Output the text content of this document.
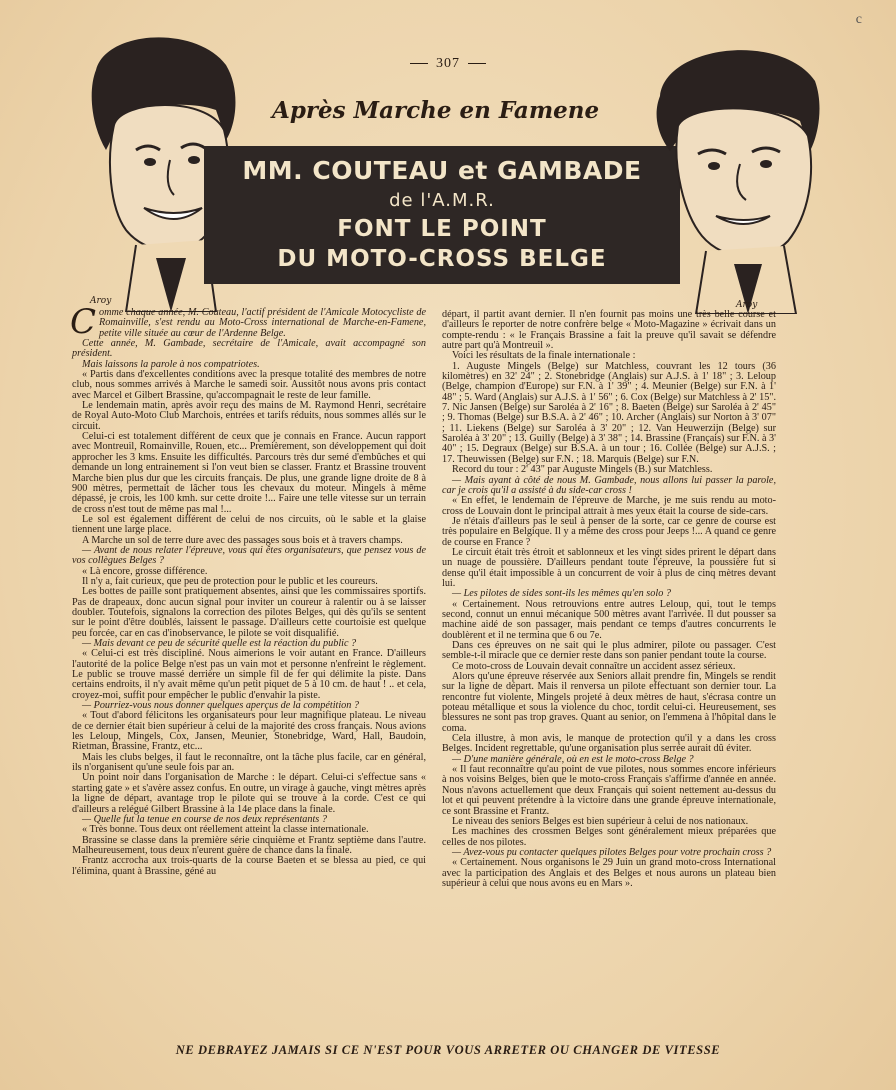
c
307
Aroy
Après Marche en Famene
MM. COUTEAU et GAMBADE
de l'A.M.R.
FONT LE POINT
DU MOTO-CROSS BELGE
Aroy

Comme chaque année, M. Couteau, l'actif président de l'Amicale Motocycliste de Romainville, s'est rendu au Moto-Cross international de Marche-en-Famene, petite ville située au cœur de l'Ardenne Belge.

Cette année, M. Gambade, secrétaire de l'Amicale, avait accompagné son président.

Mais laissons la parole à nos compatriotes.

« Partis dans d'excellentes conditions avec la presque totalité des membres de notre club, nous sommes arrivés à Marche le samedi soir. Aussitôt nous avons pris contact avec Marcel et Gilbert Brassine, qu'accompagnait le reste de leur famille.

Le lendemain matin, après avoir reçu des mains de M. Raymond Henri, secrétaire de Royal Auto-Moto Club Marchois, entrées et tarifs réduits, nous sommes allés sur le circuit.

Celui-ci est totalement différent de ceux que je connais en France. Aucun rapport avec Montreuil, Romainville, Rouen, etc... Premièrement, son développement qui doit approcher les 3 kms. Ensuite les difficultés. Parcours très dur semé d'embûches et qui demande un long entrainement si l'on veut bien se classer. Frantz et Brassine trouvent Marche bien plus dur que les circuits français. De plus, une grande ligne droite de 8 à 900 mètres, permettait de lâcher tous les chevaux du moteur. Mingels à même dépassé, je crois, les 100 kmh. sur cette droite !... Faire une telle vitesse sur un terrain de cross n'est tout de même pas mal !...

Le sol est également différent de celui de nos circuits, où le sable et la glaise tiennent une large place.

A Marche un sol de terre dure avec des passages sous bois et à travers champs.

— Avant de nous relater l'épreuve, vous qui êtes organisateurs, que pensez vous de vos collègues Belges ?

« Là encore, grosse différence.

Il n'y a, fait curieux, que peu de protection pour le public et les coureurs.

Les bottes de paille sont pratiquement absentes, ainsi que les commissaires sportifs. Pas de drapeaux, donc aucun signal pour inviter un coureur à ralentir ou à se laisser doubler. Toutefois, signalons la correction des pilotes Belges, qui dès qu'ils se sentent sur le point d'être doublés, laissent le passage. D'ailleurs cette courtoisie est quelque peu forcée, car en cas d'inobservance, le pilote se voit disqualifié.

— Mais devant ce peu de sécurité quelle est la réaction du public ?

« Celui-ci est très discipliné. Nous aimerions le voir autant en France. D'ailleurs l'autorité de la police Belge n'est pas un vain mot et personne n'enfreint le règlement. Le public se trouve massé derrière un simple fil de fer qui délimite la piste. Dans certains endroits, il n'y avait même qu'un petit piquet de 5 à 10 cm. de haut ! .. et cela, croyez-moi, suffit pour empêcher le public d'envahir la piste.

— Pourriez-vous nous donner quelques aperçus de la compétition ?

« Tout d'abord félicitons les organisateurs pour leur magnifique plateau. Le niveau de ce dernier était bien supérieur à celui de la majorité des cross français. Nous avions les Leloup, Mingels, Cox, Jansen, Meunier, Stonebridge, Ward, Hall, Baudoin, Rietman, Brassine, Frantz, etc...

Mais les clubs belges, il faut le reconnaître, ont la tâche plus facile, car en général, ils n'organisent qu'une seule fois par an.

Un point noir dans l'organisation de Marche : le départ. Celui-ci s'effectue sans « starting gate » et s'avère assez confus. En outre, un virage à gauche, vingt mètres après la ligne de départ, avantage trop le pilote qui se trouve à la corde. C'est ce qui d'ailleurs a relégué Gilbert Brassine à la 14e place dans la finale.

— Quelle fut la tenue en course de nos deux représentants ?

« Très bonne. Tous deux ont réellement atteint la classe internationale.

Brassine se classe dans la première série cinquième et Frantz septième dans l'autre. Malheureusement, tous deux n'eurent guère de chance dans la finale.

Frantz accrocha aux trois-quarts de la course Baeten et se blessa au pied, ce qui l'élimina, quant à Brassine, géné au

départ, il partit avant dernier. Il n'en fournit pas moins une très belle course et d'ailleurs le reporter de notre confrère belge « Moto-Magazine » écrivait dans un compte-rendu : « le Français Brassine a fait la preuve qu'il savait se défendre autre part qu'à Montreuil ».

Voici les résultats de la finale internationale :

1. Auguste Mingels (Belge) sur Matchless, couvrant les 12 tours (36 kilomètres) en 32' 24" ; 2. Stonebridge (Anglais) sur A.J.S. à 1' 18" ; 3. Leloup (Belge, champion d'Europe) sur F.N. à 1' 39" ; 4. Meunier (Belge) sur F.N. à 1' 48" ; 5. Ward (Anglais) sur A.J.S. à 1' 56" ; 6. Cox (Belge) sur Matchless à 2' 15". 7. Nic Jansen (Belge) sur Saroléa à 2' 16" ; 8. Baeten (Belge) sur Saroléa à 2' 45" ; 9. Thomas (Belge) sur B.S.A. à 2' 46" ; 10. Archer (Anglais) sur Norton à 3' 07" ; 11. Liekens (Belge) sur Saroléa à 3' 20" ; 12. Van Heuwerzijn (Belge) sur Saroléa à 3' 20" ; 13. Guilly (Belge) à 3' 38" ; 14. Brassine (Français) sur F.N. à 3' 40" ; 15. Degraux (Belge) sur B.S.A. à un tour ; 16. Collée (Belge) sur A.J.S. ; 17. Theuwissen (Belge) sur F.N. ; 18. Marquis (Belge) sur F.N.

Record du tour : 2' 43" par Auguste Mingels (B.) sur Matchless.

— Mais ayant à côté de nous M. Gambade, nous allons lui passer la parole, car je crois qu'il a assisté à du side-car cross !

« En effet, le lendemain de l'épreuve de Marche, je me suis rendu au moto-cross de Louvain dont le principal attrait à mes yeux était la course de side-cars.

Je n'étais d'ailleurs pas le seul à penser de la sorte, car ce genre de course est très populaire en Belgique. Il y a même des cross pour Jeeps !... A quand ce genre de course en France ?

Le circuit était très étroit et sablonneux et les vingt sides prirent le départ dans un nuage de poussière. D'ailleurs pendant toute l'épreuve, la poussière fut si dense qu'il était impossible à un concurrent de voir à plus de cinq mètres devant lui.

— Les pilotes de sides sont-ils les mêmes qu'en solo ?

« Certainement. Nous retrouvions entre autres Leloup, qui, tout le temps second, connut un ennui mécanique 500 mètres avant l'arrivée. Il dut pousser sa machine aidé de son passager, mais pendant ce temps d'autres concurrents le doublèrent et il ne termina que 6 ou 7e.

Dans ces épreuves on ne sait qui le plus admirer, pilote ou passager. C'est semble-t-il miracle que ce dernier reste dans son panier pendant toute la course.

Ce moto-cross de Louvain devait connaître un accident assez sérieux.

Alors qu'une épreuve réservée aux Seniors allait prendre fin, Mingels se rendit sur la ligne de départ. Mais il renversa un pilote effectuant son dernier tour. La rencontre fut violente, Mingels projeté à deux mètres de haut, s'écrasa contre un poteau métallique et sous la violence du choc, tordit celui-ci. Heureusement, ses blessures ne sont pas trop graves. Quant au senior, on l'emmena à l'hôpital dans le coma.

Cela illustre, à mon avis, le manque de protection qu'il y a dans les cross Belges. Incident regrettable, qu'une organisation plus serrée aurait dû éviter.

— D'une manière générale, où en est le moto-cross Belge ?

« Il faut reconnaître qu'au point de vue pilotes, nous sommes encore inférieurs à nos voisins Belges, bien que le moto-cross Français s'affirme d'année en année. Nous n'avons actuellement que deux Français qui soient nettement au-dessus du lot et qui peuvent prétendre à la victoire dans une grande épreuve internationale, ce sont Brassine et Frantz.

Le niveau des seniors Belges est bien supérieur à celui de nos nationaux.

Les machines des crossmen Belges sont généralement mieux préparées que celles de nos pilotes.

— Avez-vous pu contacter quelques pilotes Belges pour votre prochain cross ?

« Certainement. Nous organisons le 29 Juin un grand moto-cross International avec la participation des Anglais et des Belges et nous aurons un plateau bien supérieur à celui que nous avons eu en Mars ».

NE DEBRAYEZ JAMAIS SI CE N'EST POUR VOUS ARRETER OU CHANGER DE VITESSE
